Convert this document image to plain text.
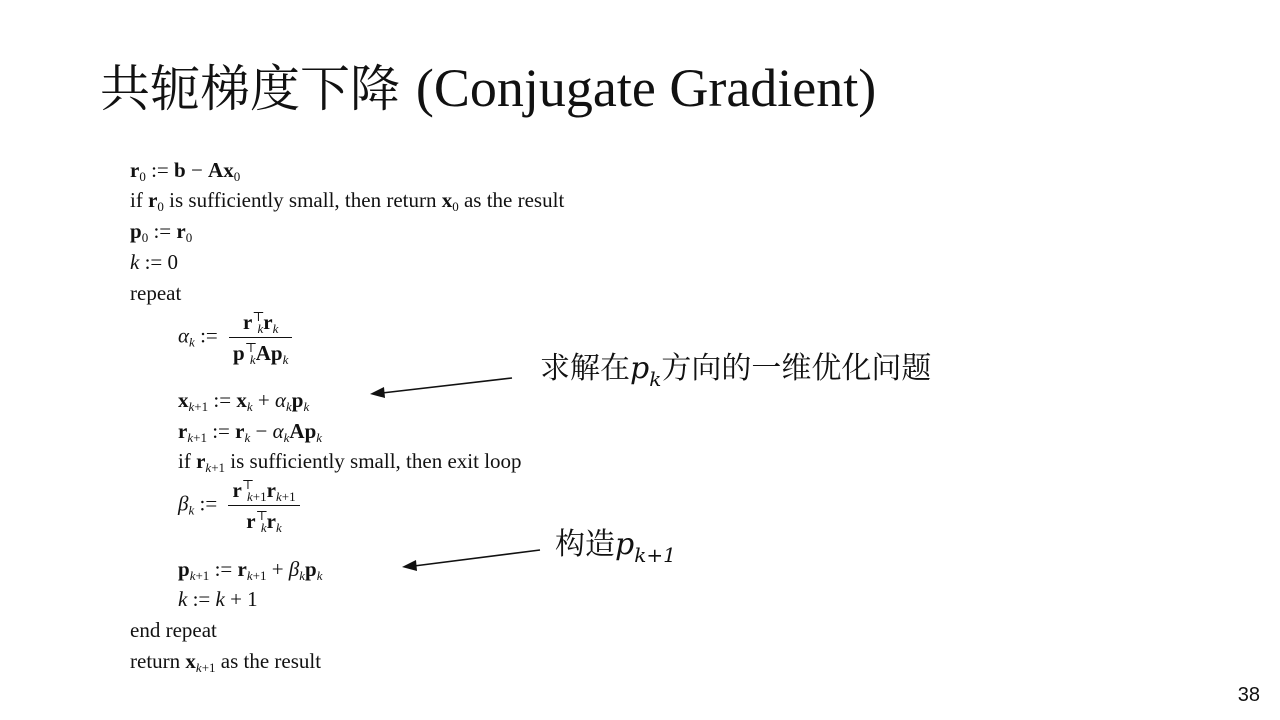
共轭梯度下降 (Conjugate Gradient)
$r_0$ := $b - Ax_0$
if $r_0$ is sufficiently small, then return $x_0$ as the result
$p_0$ := $r_0$
k := 0
repeat
$\alpha_k$ := $\frac{r^⊤_kr_k}{p^⊤_kAp_k}$
$x_{k+1}$ := $x_k + \alpha_kp_k$
$r_{k+1}$ := $r_k - \alpha_kAp_k$
if $r_{k+1}$ is sufficiently small, then exit loop
$\beta_k$ := $\frac{r^⊤_{k+1}r_{k+1}}{r^⊤_kr_k}$
$p_{k+1}$ := $r_{k+1} + \beta_kp_k$
k := k + 1
end repeat
return $x_{k+1}$ as the result
求解在$p_k$方向的一维优化问题
构造$p_{k+1}$
38
